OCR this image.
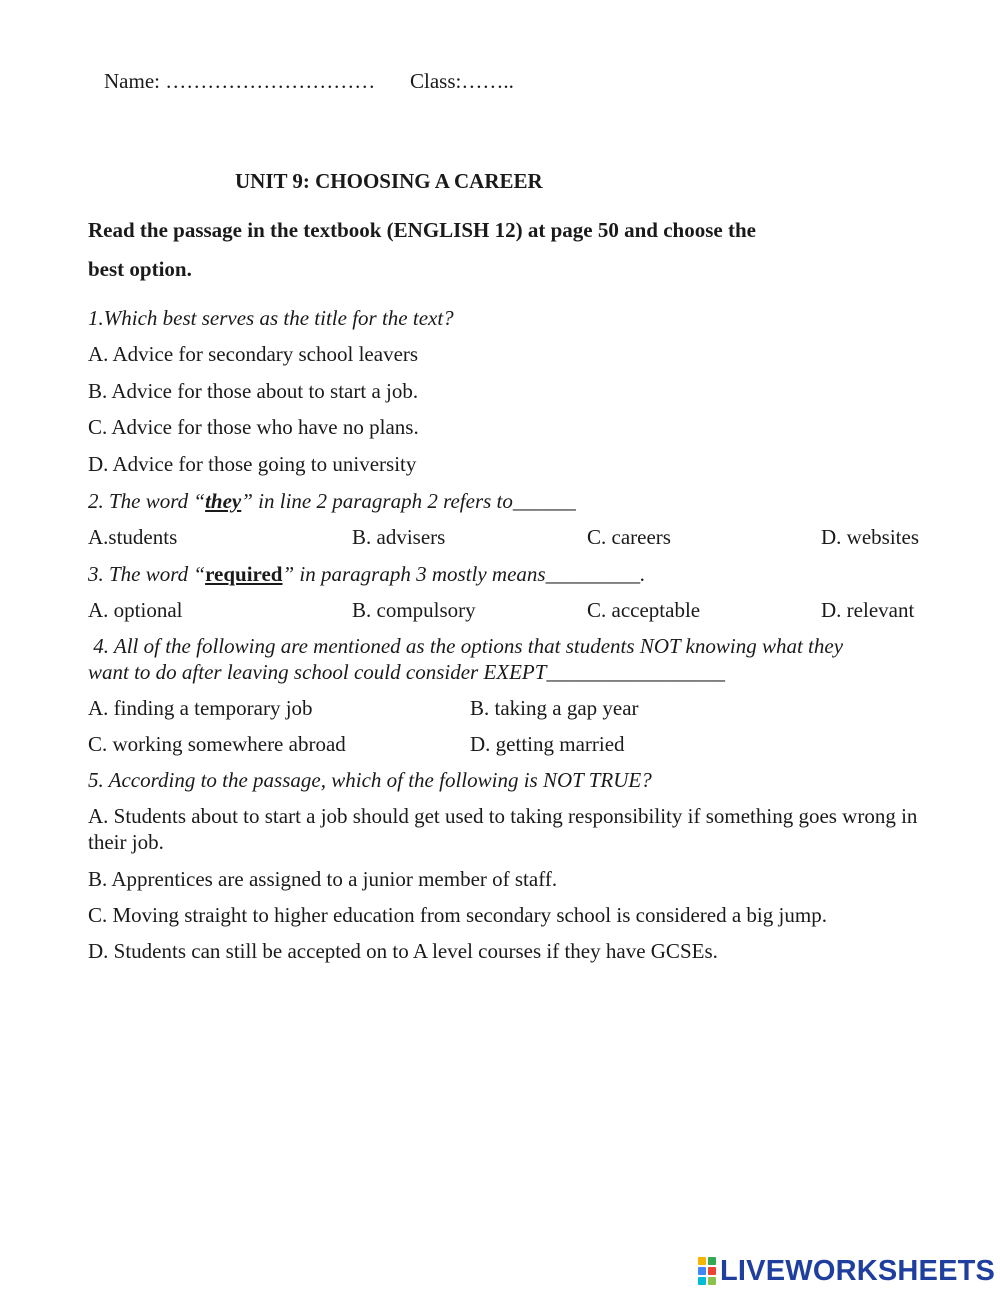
Name: ………………………… Class:……..
UNIT 9: CHOOSING A CAREER
Read the passage in the textbook (ENGLISH 12) at page 50 and choose the
best option.
1.Which best serves as the title for the text?
A. Advice for secondary school leavers
B. Advice for those about to start a job.
C. Advice for those who have no plans.
D. Advice for those going to university
2. The word “they” in line 2 paragraph 2 refers to______
A.students	B. advisers	C. careers	D. websites
3. The word “required” in paragraph 3 mostly means_________.
A. optional	B. compulsory	C. acceptable	D. relevant
4. All of the following are mentioned as the options that students NOT knowing what they
want to do after leaving school could consider EXEPT_________________
A. finding a temporary job	B. taking a gap year
C. working somewhere abroad	D. getting married
5. According to the passage, which of the following is NOT TRUE?
A. Students about to start a job should get used to taking responsibility if something goes wrong in their job.
B. Apprentices are assigned to a junior member of staff.
C. Moving straight to higher education from secondary school is considered a big jump.
D. Students can still be accepted on to A level courses if they have GCSEs.
LIVEWORKSHEETS
